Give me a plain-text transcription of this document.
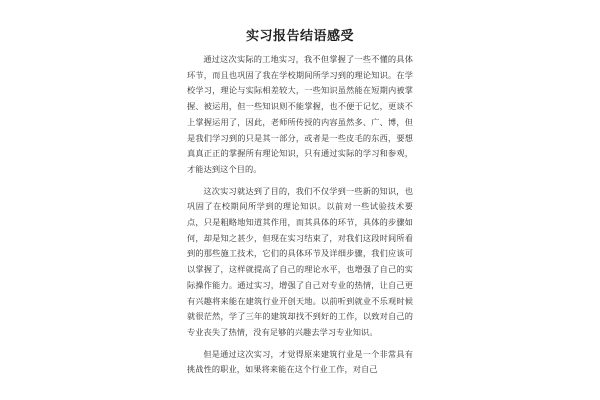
实习报告结语感受

通过这次实际的工地实习，我不但掌握了一些不懂的具体环节，而且也巩固了我在学校期间所学习到的理论知识。在学校学习，理论与实际相差较大，一些知识虽然能在短期内被掌握、被运用，但一些知识则不能掌握，也不便于记忆，更谈不上掌握运用了，因此，老师所传授的内容虽然多、广、博，但是我们学习到的只是其一部分，或者是一些皮毛的东西，要想真真正正的掌握所有理论知识，只有通过实际的学习和参观，才能达到这个目的。

这次实习就达到了目的，我们不仅学到一些新的知识，也巩固了在校期间所学到的理论知识。以前对一些试验技术要点，只是粗略地知道其作用，而其具体的环节，具体的步骤如何，却是知之甚少，但现在实习结束了，对我们这段时间所看到的那些施工技术，它们的具体环节及详细步骤，我们应该可以掌握了，这样就提高了自己的理论水平，也增强了自己的实际操作能力。通过实习，增强了自己对专业的热情，让自己更有兴趣将来能在建筑行业开创天地。以前听到就业不乐观时候就很茫然，学了三年的建筑却找不到好的工作，以致对自己的专业丧失了热情，没有足够的兴趣去学习专业知识。

但是通过这次实习，才觉得原来建筑行业是一个非常具有挑战性的职业，如果将来能在这个行业工作，对自己
